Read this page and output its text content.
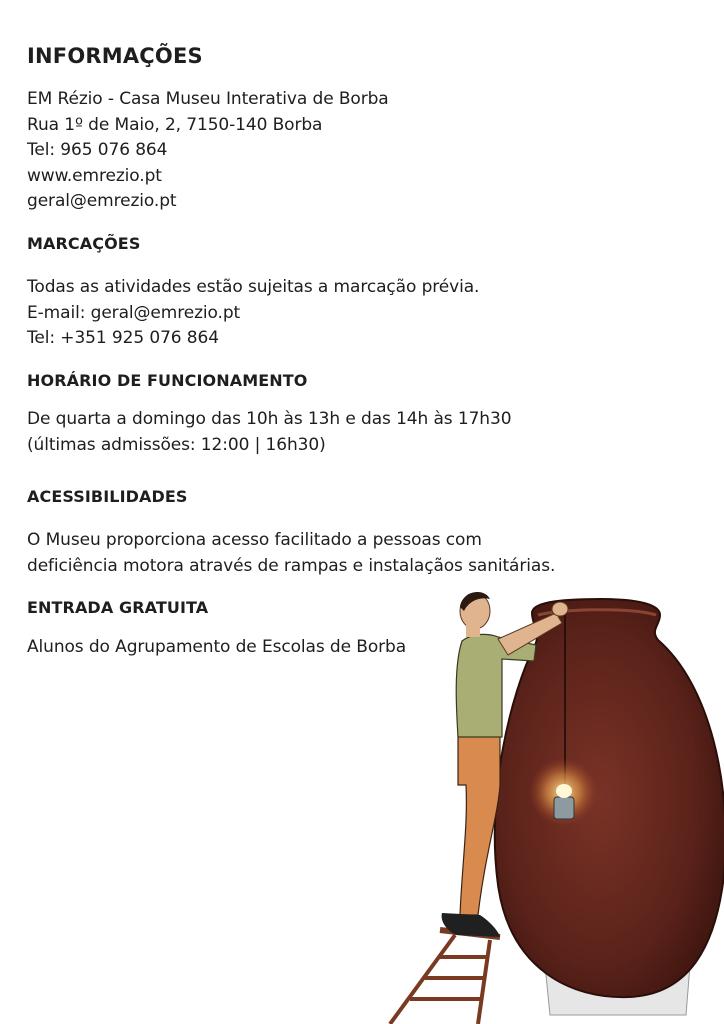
INFORMAÇÕES
EM Rézio - Casa Museu Interativa de Borba
Rua 1º de Maio, 2, 7150-140 Borba
Tel: 965 076 864
www.emrezio.pt
geral@emrezio.pt
MARCAÇÕES
Todas as atividades estão sujeitas a marcação prévia.
E-mail: geral@emrezio.pt
Tel: +351 925 076 864
HORÁRIO DE FUNCIONAMENTO
De quarta a domingo das 10h às 13h e das 14h às 17h30
(últimas admissões: 12:00 | 16h30)
ACESSIBILIDADES
O Museu proporciona acesso facilitado a pessoas com
deficiência motora através de rampas e instalaçãos sanitárias.
ENTRADA GRATUITA
Alunos do Agrupamento de Escolas de Borba
